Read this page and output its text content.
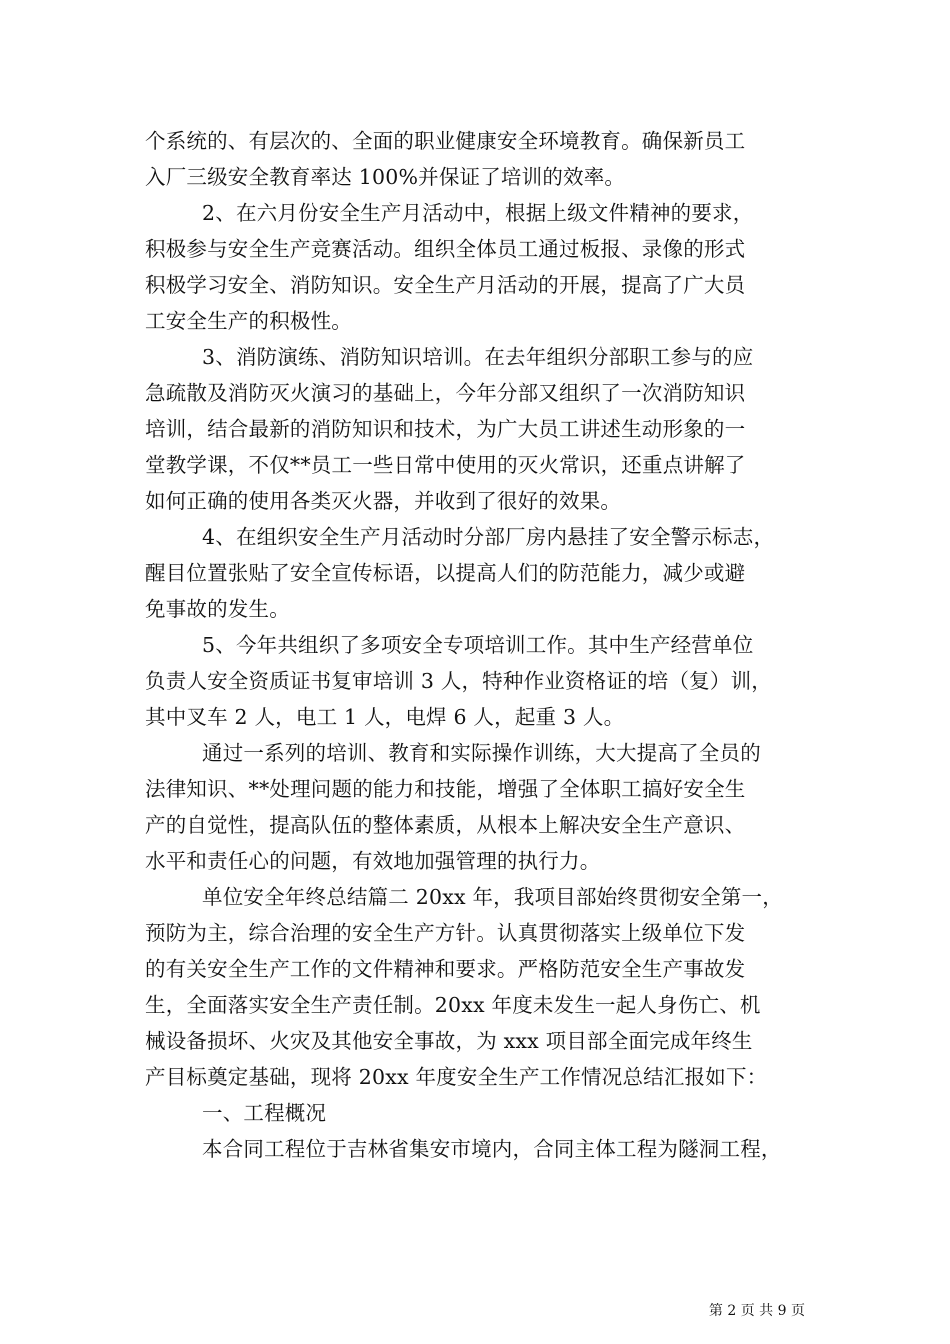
个系统的、有层次的、全面的职业健康安全环境教育。确保新员工
入厂三级安全教育率达 100%并保证了培训的效率。
2、在六月份安全生产月活动中，根据上级文件精神的要求，
积极参与安全生产竞赛活动。组织全体员工通过板报、录像的形式
积极学习安全、消防知识。安全生产月活动的开展，提高了广大员
工安全生产的积极性。
3、消防演练、消防知识培训。在去年组织分部职工参与的应
急疏散及消防灭火演习的基础上，今年分部又组织了一次消防知识
培训，结合最新的消防知识和技术，为广大员工讲述生动形象的一
堂教学课，不仅**员工一些日常中使用的灭火常识，还重点讲解了
如何正确的使用各类灭火器，并收到了很好的效果。
4、在组织安全生产月活动时分部厂房内悬挂了安全警示标志，
醒目位置张贴了安全宣传标语，以提高人们的防范能力，减少或避
免事故的发生。
5、今年共组织了多项安全专项培训工作。其中生产经营单位
负责人安全资质证书复审培训 3 人，特种作业资格证的培（复）训，
其中叉车 2 人，电工 1 人，电焊 6 人，起重 3 人。
通过一系列的培训、教育和实际操作训练，大大提高了全员的
法律知识、**处理问题的能力和技能，增强了全体职工搞好安全生
产的自觉性，提高队伍的整体素质，从根本上解决安全生产意识、
水平和责任心的问题，有效地加强管理的执行力。
单位安全年终总结篇二 20xx 年，我项目部始终贯彻安全第一，
预防为主，综合治理的安全生产方针。认真贯彻落实上级单位下发
的有关安全生产工作的文件精神和要求。严格防范安全生产事故发
生，全面落实安全生产责任制。20xx 年度未发生一起人身伤亡、机
械设备损坏、火灾及其他安全事故，为 xxx 项目部全面完成年终生
产目标奠定基础，现将 20xx 年度安全生产工作情况总结汇报如下：
一、工程概况
本合同工程位于吉林省集安市境内，合同主体工程为隧洞工程，
第 2 页 共 9 页
